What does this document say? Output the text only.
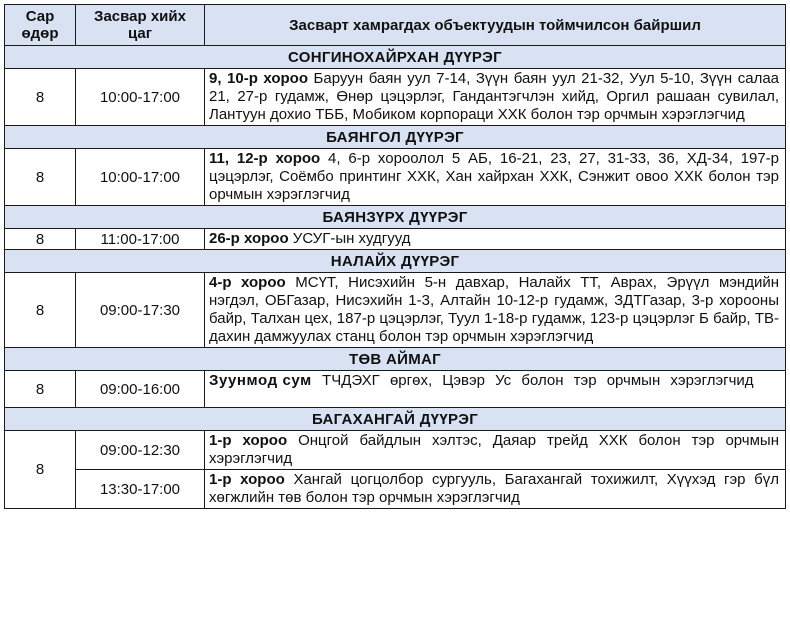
Сар өдөр	Засвар хийх цаг	Засварт хамрагдах объектуудын тоймчилсон байршил
СОНГИНОХАЙРХАН ДҮҮРЭГ		
8	10:00-17:00	9, 10-р хороо Баруун баян уул 7-14, Зүүн баян уул 21-32, Уул 5-10, Зүүн салаа 21, 27-р гудамж, Өнөр цэцэрлэг, Гандантэгчлэн хийд, Оргил рашаан сувилал, Лантуун дохио ТББ, Мобиком корпораци ХХК болон тэр орчмын хэрэглэгчид
БАЯНГОЛ ДҮҮРЭГ		
8	10:00-17:00	11, 12-р хороо 4, 6-р хороолол 5 АБ, 16-21, 23, 27, 31-33, 36, ХД-34, 197-р цэцэрлэг, Соёмбо принтинг ХХК, Хан хайрхан ХХК, Сэнжит овоо ХХК болон тэр орчмын хэрэглэгчид
БАЯНЗҮРХ ДҮҮРЭГ		
8	11:00-17:00	26-р хороо УСУГ-ын худгууд
НАЛАЙХ ДҮҮРЭГ		
8	09:00-17:30	4-р хороо МСҮТ, Нисэхийн 5-н давхар, Налайх ТТ, Аврах, Эрүүл мэндийн нэгдэл, ОБГазар, Нисэхийн 1-3, Алтайн 10-12-р гудамж, ЗДТГазар, 3-р хорооны байр, Талхан цех, 187-р цэцэрлэг, Туул 1-18-р гудамж, 123-р цэцэрлэг Б байр, ТВ-дахин дамжуулах станц болон тэр орчмын хэрэглэгчид
ТӨВ АЙМАГ		
8	09:00-16:00	Зуунмод сум ТЧДЭХГ өргөх, Цэвэр Ус болон тэр орчмын хэрэглэгчид
БАГАХАНГАЙ ДҮҮРЭГ		
8	09:00-12:30	1-р хороо Онцгой байдлын хэлтэс, Даяар трейд ХХК болон тэр орчмын хэрэглэгчид
	13:30-17:00	1-р хороо Хангай цогцолбор сургууль, Багахангай тохижилт, Хүүхэд гэр бүл хөгжлийн төв болон тэр орчмын хэрэглэгчид
